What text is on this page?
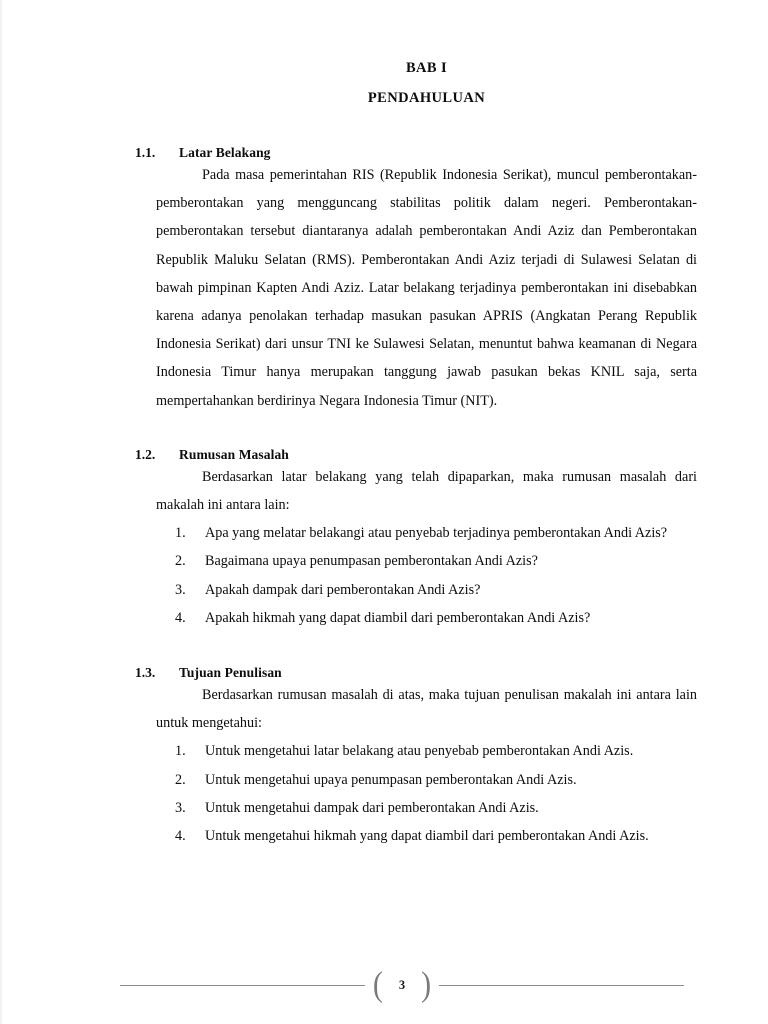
BAB I
PENDAHULUAN
1.1.	Latar Belakang

Pada masa pemerintahan RIS (Republik Indonesia Serikat), muncul pemberontakan-pemberontakan yang mengguncang stabilitas politik dalam negeri. Pemberontakan-pemberontakan tersebut diantaranya adalah pemberontakan Andi Aziz dan Pemberontakan Republik Maluku Selatan (RMS). Pemberontakan Andi Aziz terjadi di Sulawesi Selatan di bawah pimpinan Kapten Andi Aziz. Latar belakang terjadinya pemberontakan ini disebabkan karena adanya penolakan terhadap masukan pasukan APRIS (Angkatan Perang Republik Indonesia Serikat) dari unsur TNI ke Sulawesi Selatan, menuntut bahwa keamanan di Negara Indonesia Timur hanya merupakan tanggung jawab pasukan bekas KNIL saja, serta mempertahankan berdirinya Negara Indonesia Timur (NIT).

1.2.	Rumusan Masalah

Berdasarkan latar belakang yang telah dipaparkan, maka rumusan masalah dari makalah ini antara lain:

1.	Apa yang melatar belakangi atau penyebab terjadinya pemberontakan Andi Azis?
2.	Bagaimana upaya penumpasan pemberontakan Andi Azis?
3.	Apakah dampak dari pemberontakan Andi Azis?
4.	Apakah hikmah yang dapat diambil dari pemberontakan Andi Azis?
1.3.	Tujuan Penulisan

Berdasarkan rumusan masalah di atas, maka tujuan penulisan makalah ini antara lain untuk mengetahui:

1.	Untuk mengetahui latar belakang atau penyebab pemberontakan Andi Azis.
2.	Untuk mengetahui upaya penumpasan pemberontakan Andi Azis.
3.	Untuk mengetahui dampak dari pemberontakan Andi Azis.
4.	Untuk mengetahui hikmah yang dapat diambil dari pemberontakan Andi Azis.
(	3 )
